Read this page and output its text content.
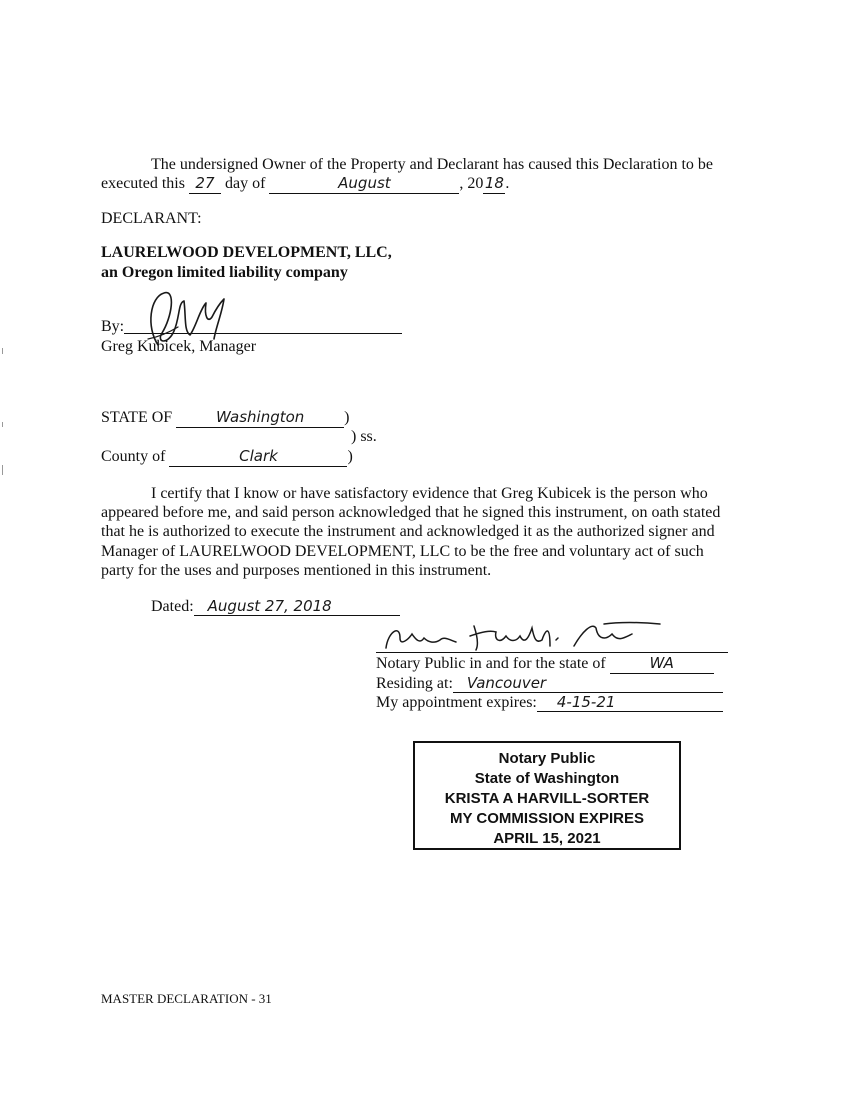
The undersigned Owner of the Property and Declarant has caused this Declaration to be
executed this 27 day of	August	, 2018.
DECLARANT:
LAURELWOOD DEVELOPMENT, LLC,
an Oregon limited liability company
By:
Greg Kubicek, Manager
STATE OF	Washington )
) ss.
County of	Clark	)
I certify that I know or have satisfactory evidence that Greg Kubicek is the person who
appeared before me, and said person acknowledged that he signed this instrument, on oath stated
that he is authorized to execute the instrument and acknowledged it as the authorized signer and
Manager of LAURELWOOD DEVELOPMENT, LLC to be the free and voluntary act of such
party for the uses and purposes mentioned in this instrument.
Dated: August 27, 2018
Notary Public in and for the state of	WA
Residing at: Vancouver
My appointment expires: 4-15-21
Notary Public
State of Washington
KRISTA A HARVILL-SORTER
MY COMMISSION EXPIRES
APRIL 15, 2021
MASTER DECLARATION - 31
